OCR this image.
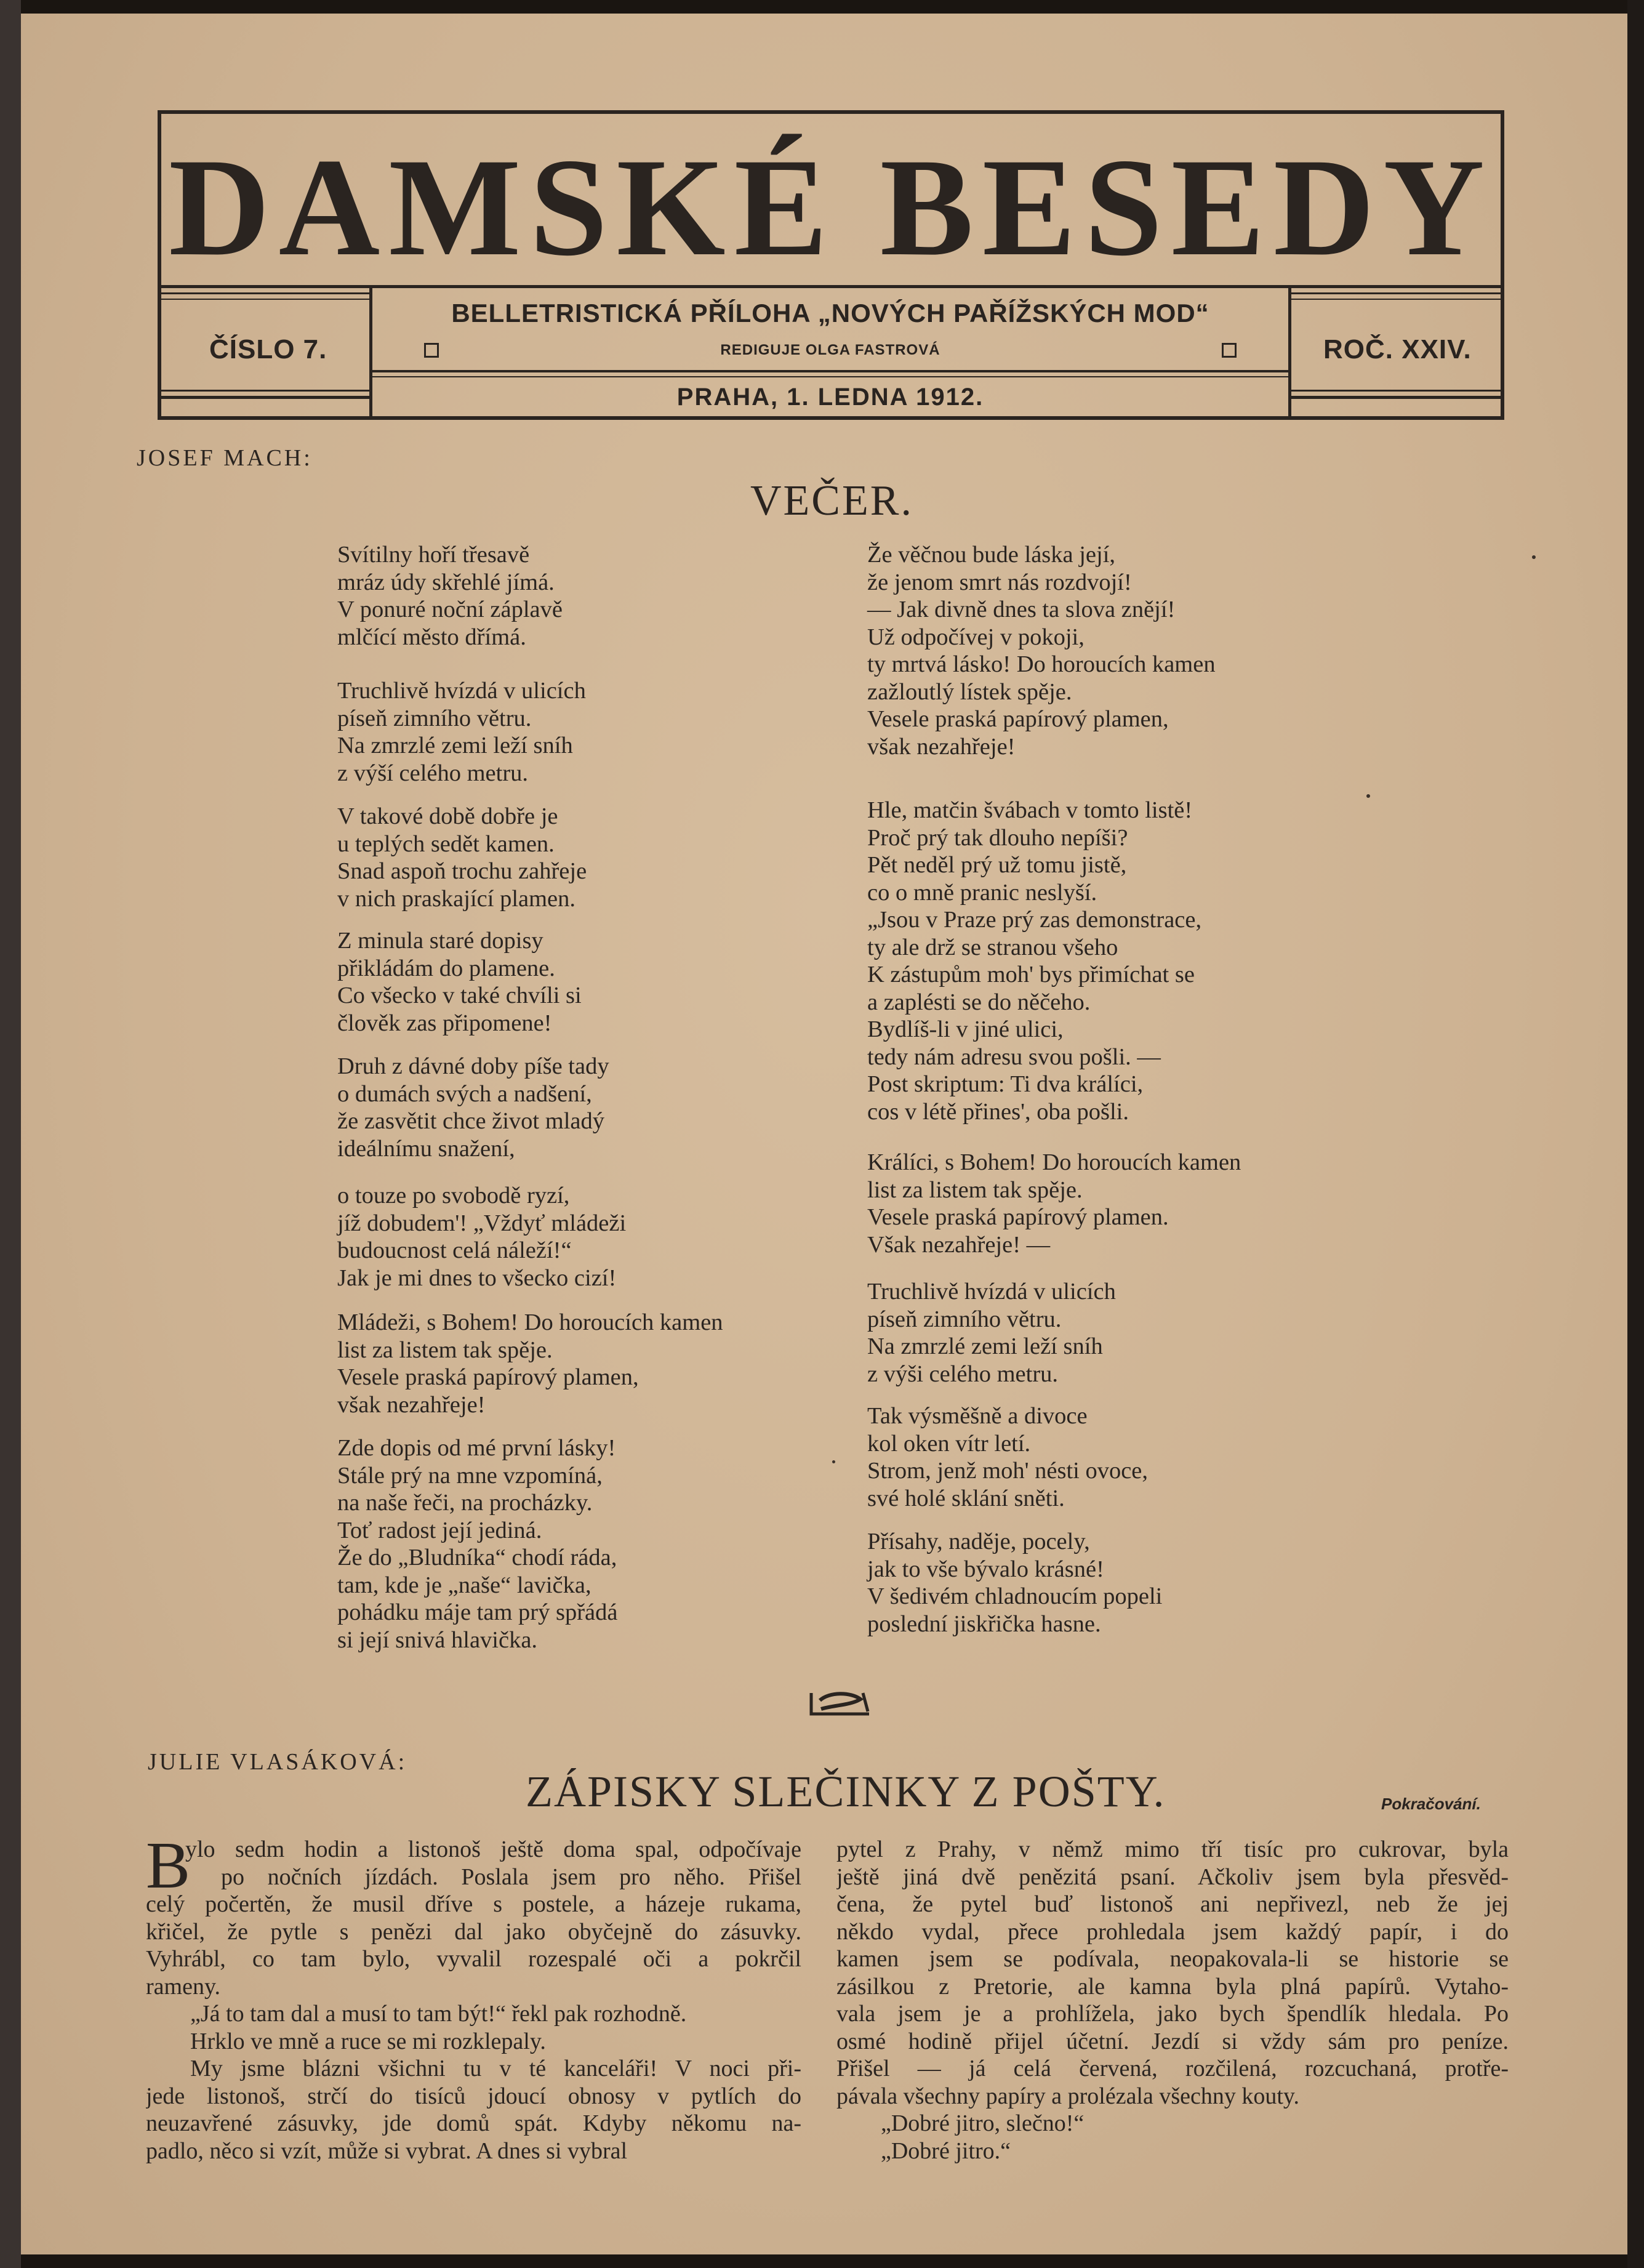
DAMSKÉ BESEDY
ČÍSLO 7.	ROČ. XXIV.
BELLETRISTICKÁ PŘÍLOHA „NOVÝCH PAŘÍŽSKÝCH MOD“
REDIGUJE OLGA FASTROVÁ
PRAHA, 1. LEDNA 1912.
JOSEF MACH:
VEČER.
Svítilny hoří třesavě
mráz údy skřehlé jímá.
V ponuré noční záplavě
mlčící město dřímá.
Truchlivě hvízdá v ulicích
píseň zimního větru.
Na zmrzlé zemi leží sníh
z výší celého metru.
V takové době dobře je
u teplých sedět kamen.
Snad aspoň trochu zahřeje
v nich praskající plamen.
Z minula staré dopisy
přikládám do plamene.
Co všecko v také chvíli si
člověk zas připomene!
Druh z dávné doby píše tady
o dumách svých a nadšení,
že zasvětit chce život mladý
ideálnímu snažení,
o touze po svobodě ryzí,
jíž dobudem'! „Vždyť mládeži
budoucnost celá náleží!“
Jak je mi dnes to všecko cizí!
Mládeži, s Bohem! Do horoucích kamen
list za listem tak spěje.
Vesele praská papírový plamen,
však nezahřeje!
Zde dopis od mé první lásky!
Stále prý na mne vzpomíná,
na naše řeči, na procházky.
Toť radost její jediná.
Že do „Bludníka“ chodí ráda,
tam, kde je „naše“ lavička,
pohádku máje tam prý spřádá
si její snivá hlavička.
Že věčnou bude láska její,
že jenom smrt nás rozdvojí!
— Jak divně dnes ta slova znějí!
Už odpočívej v pokoji,
ty mrtvá lásko! Do horoucích kamen
zažloutlý lístek spěje.
Vesele praská papírový plamen,
však nezahřeje!
Hle, matčin švábach v tomto listě!
Proč prý tak dlouho nepíši?
Pět neděl prý už tomu jistě,
co o mně pranic neslyší.
„Jsou v Praze prý zas demonstrace,
ty ale drž se stranou všeho
K zástupům moh' bys přimíchat se
a zaplésti se do něčeho.
Bydlíš-li v jiné ulici,
tedy nám adresu svou pošli. —
Post skriptum: Ti dva králíci,
cos v létě přines', oba pošli.
Králíci, s Bohem! Do horoucích kamen
list za listem tak spěje.
Vesele praská papírový plamen.
Však nezahřeje! —
Truchlivě hvízdá v ulicích
píseň zimního větru.
Na zmrzlé zemi leží sníh
z výši celého metru.
Tak výsměšně a divoce
kol oken vítr letí.
Strom, jenž moh' nésti ovoce,
své holé sklání sněti.
Přísahy, naděje, pocely,
jak to vše bývalo krásné!
V šedivém chladnoucím popeli
poslední jiskřička hasne.
JULIE VLASÁKOVÁ:
ZÁPISKY SLEČINKY Z POŠTY.	Pokračování.
B
ylo sedm hodin a listonoš ještě doma spal, odpočívaje
po nočních jízdách. Poslala jsem pro něho. Přišel
celý počertěn, že musil dříve s postele, a házeje rukama,
křičel, že pytle s penězi dal jako obyčejně do zásuvky.
Vyhrábl, co tam bylo, vyvalil rozespalé oči a pokrčil
rameny.
„Já to tam dal a musí to tam být!“ řekl pak rozhodně.
Hrklo ve mně a ruce se mi rozklepaly.
My jsme blázni všichni tu v té kanceláři! V noci při-
jede listonoš, strčí do tisíců jdoucí obnosy v pytlích do
neuzavřené zásuvky, jde domů spát. Kdyby někomu na-
padlo, něco si vzít, může si vybrat. A dnes si vybral
pytel z Prahy, v němž mimo tří tisíc pro cukrovar, byla
ještě jiná dvě penězitá psaní. Ačkoliv jsem byla přesvěd-
čena, že pytel buď listonoš ani nepřivezl, neb že jej
někdo vydal, přece prohledala jsem každý papír, i do
kamen jsem se podívala, neopakovala-li se historie se
zásilkou z Pretorie, ale kamna byla plná papírů. Vytaho-
vala jsem je a prohlížela, jako bych špendlík hledala. Po
osmé hodině přijel účetní. Jezdí si vždy sám pro peníze.
Přišel — já celá červená, rozčilená, rozcuchaná, protře-
pávala všechny papíry a prolézala všechny kouty.
„Dobré jitro, slečno!“
„Dobré jitro.“
